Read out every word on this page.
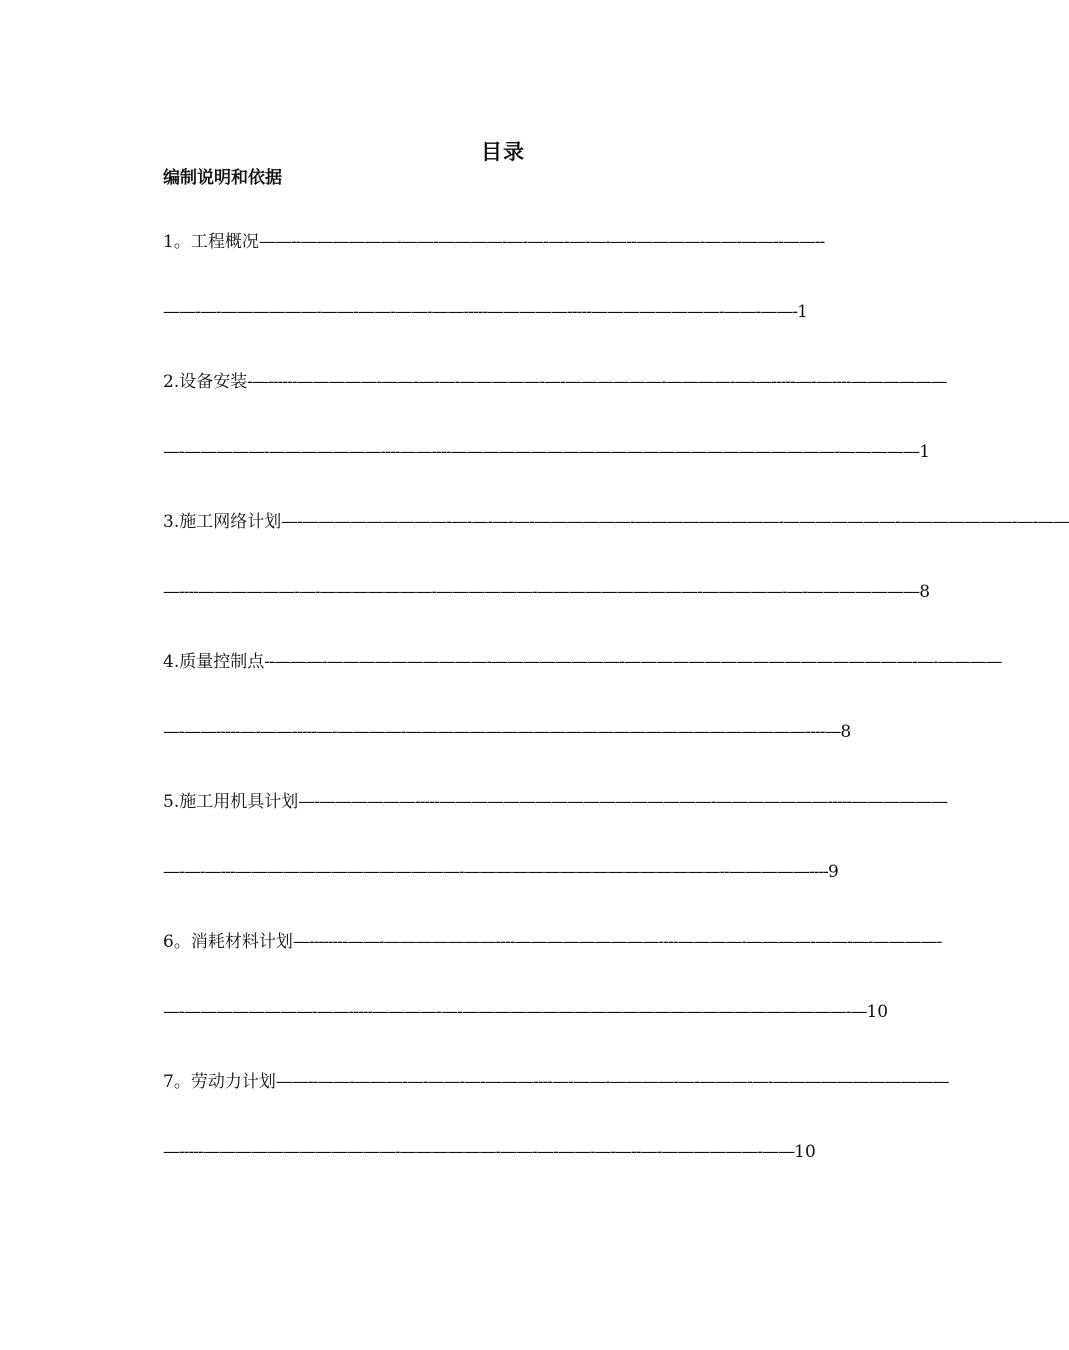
目录
编制说明和依据
1。工程概况——--——————-——-————-—-—-—-—-—-—--————-——-——--——--
——-—-——————-——-——-——-——-----—————-----————————-——-——-1
2.设备安装-—------—————-——-—-—-—————-—-——————-————-—-—-----—-—----——————
—-—————-———————----——----————————————————————————-—————1
3.施工网络计划—-—————————-—-—-—-—-——————-—————————-———————-———————-—-——
—----——————-—-———————-——————-——————————-—————-—-———————8
4.质量控制点--———-——————————-————————-——————————————————-—-————
—-——-----—-——-----—-————-—————————————————————————----—8
5.施工用机具计划—-——————-----—————————————————-———————-----——————
—-—-—---——————————————-————————————————--—————----9
6。消耗材料计划—--------——-———————----—————————----————-————-——-—-————-
—-————————-——-----————-—-————————————————————————-—10
7。劳动力计划——--——-———-—-——-—-———----—-——-————-—-———-—-———————————
—-----————————————-——————-——-—-——-—-—--—-——————-——10
